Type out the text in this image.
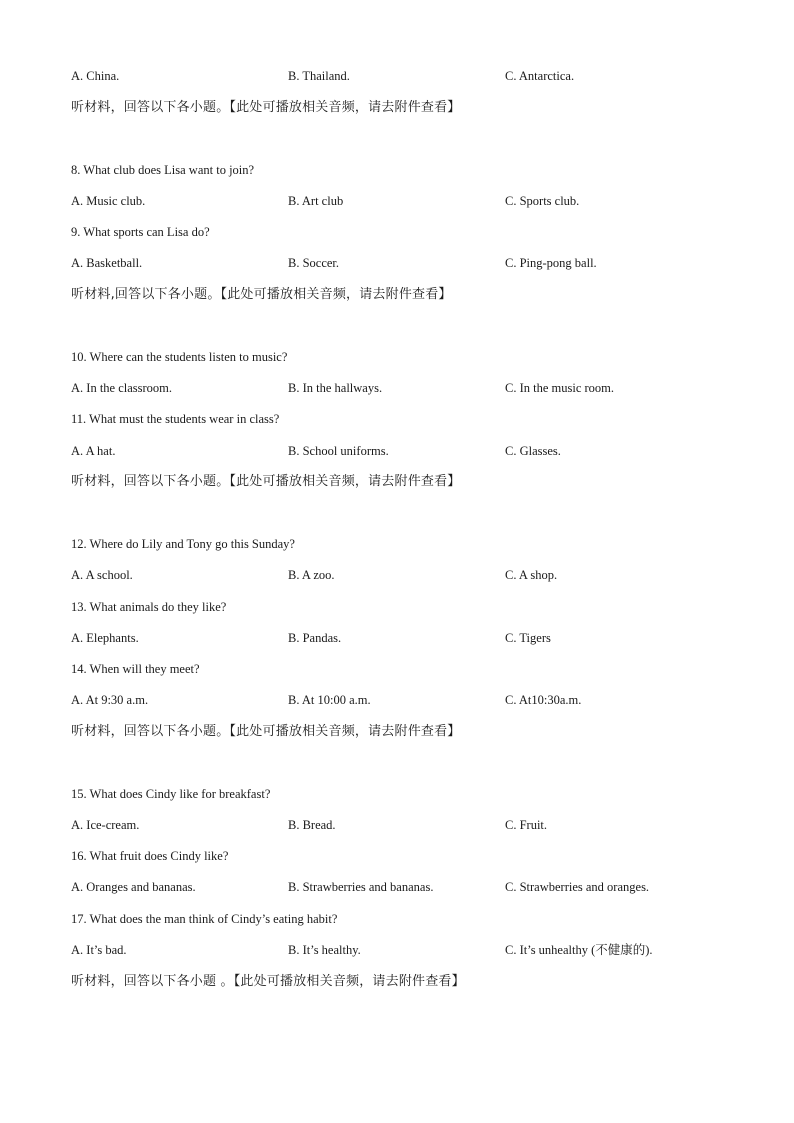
A. China.	B. Thailand.	C. Antarctica.
听材料，回答以下各小题。【此处可播放相关音频，请去附件查看】
8. What club does Lisa want to join?
A. Music club.	B. Art club	C. Sports club.
9. What sports can Lisa do?
A. Basketball.	B. Soccer.	C. Ping-pong ball.
听材料,回答以下各小题。【此处可播放相关音频，请去附件查看】
10. Where can the students listen to music?
A. In the classroom.	B. In the hallways.	C. In the music room.
11. What must the students wear in class?
A. A hat.	B. School uniforms.	C. Glasses.
听材料，回答以下各小题。【此处可播放相关音频，请去附件查看】
12. Where do Lily and Tony go this Sunday?
A. A school.	B. A zoo.	C. A shop.
13. What animals do they like?
A. Elephants.	B. Pandas.	C. Tigers
14. When will they meet?
A. At 9:30 a.m.	B. At 10:00 a.m.	C. At10:30a.m.
听材料，回答以下各小题。【此处可播放相关音频，请去附件查看】
15. What does Cindy like for breakfast?
A. Ice-cream.	B. Bread.	C. Fruit.
16. What fruit does Cindy like?
A. Oranges and bananas.	B. Strawberries and bananas.	C. Strawberries and oranges.
17. What does the man think of Cindy’s eating habit?
A. It’s bad.	B. It’s healthy.	C. It’s unhealthy (不健康的).
听材料，回答以下各小题 。【此处可播放相关音频，请去附件查看】
